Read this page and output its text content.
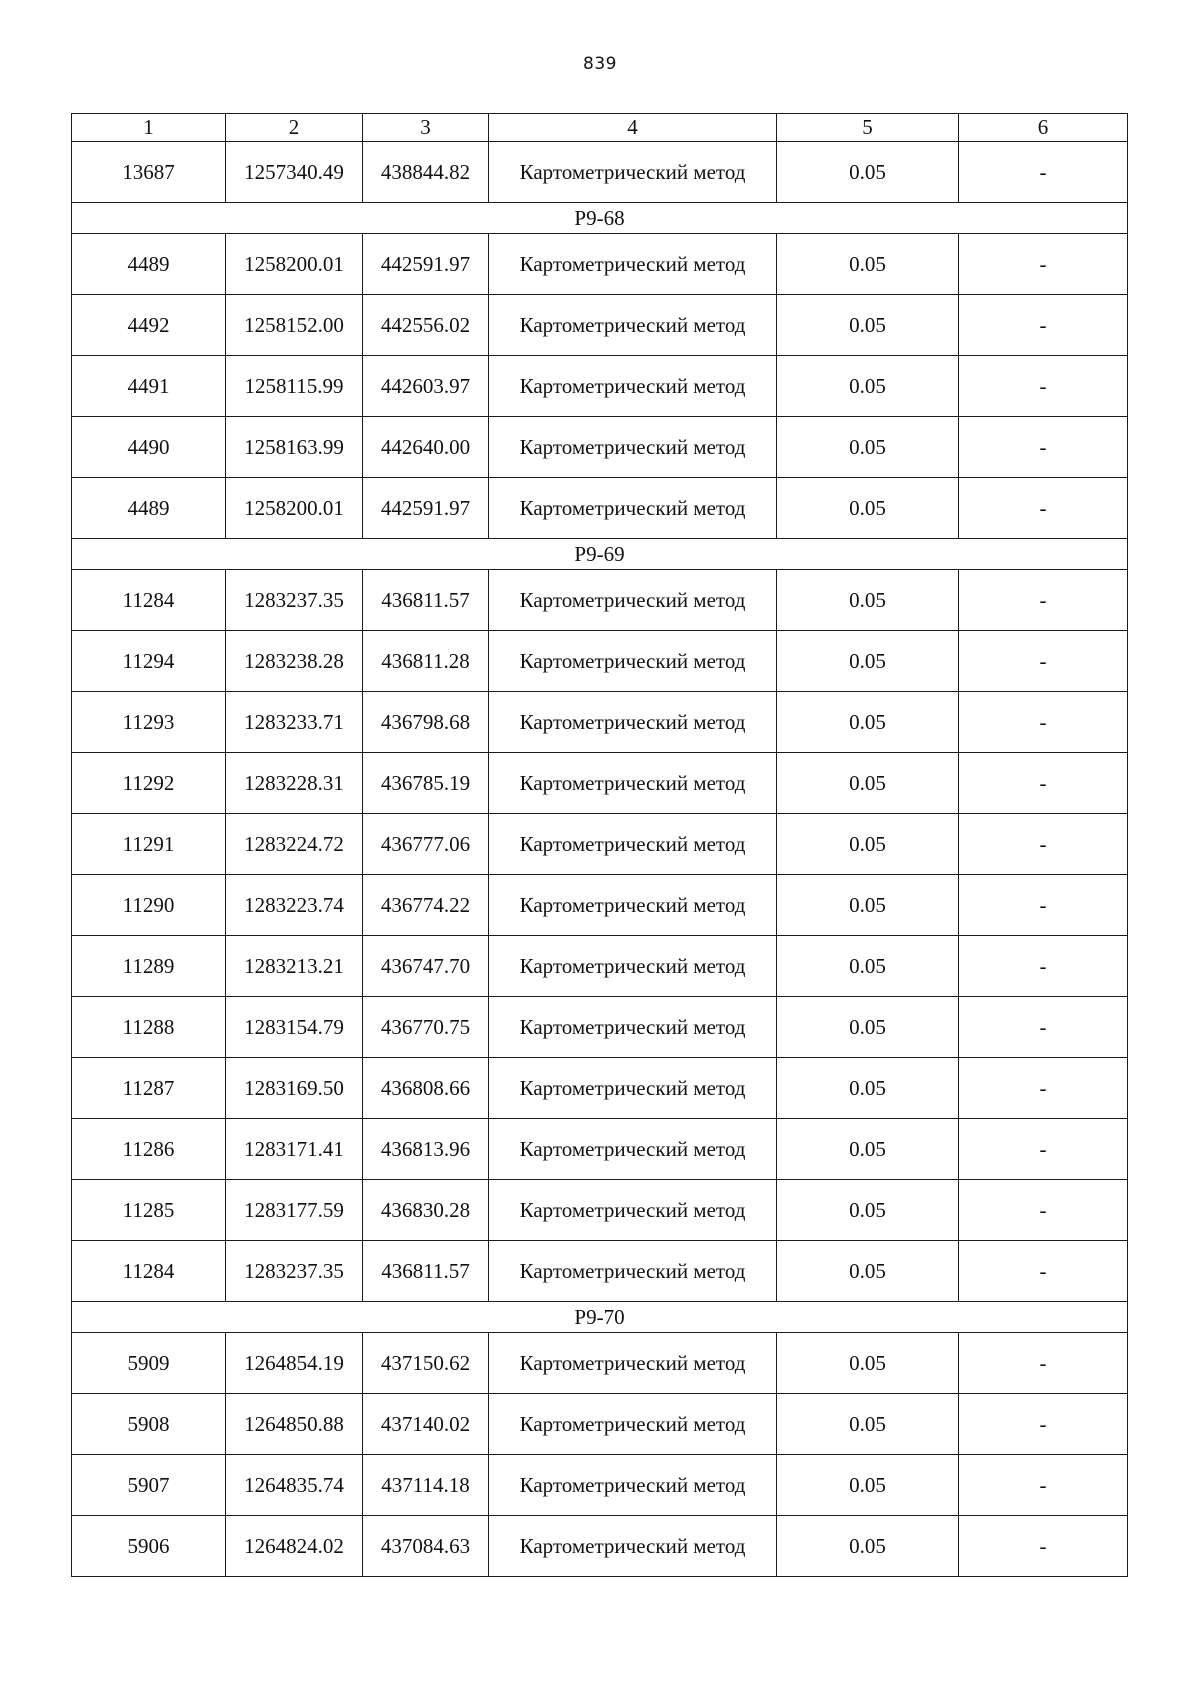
839
1	2	3	4	5	6
13687	1257340.49	438844.82	Картометрический метод	0.05	-
Р9-68					
4489	1258200.01	442591.97	Картометрический метод	0.05	-
4492	1258152.00	442556.02	Картометрический метод	0.05	-
4491	1258115.99	442603.97	Картометрический метод	0.05	-
4490	1258163.99	442640.00	Картометрический метод	0.05	-
4489	1258200.01	442591.97	Картометрический метод	0.05	-
Р9-69					
11284	1283237.35	436811.57	Картометрический метод	0.05	-
11294	1283238.28	436811.28	Картометрический метод	0.05	-
11293	1283233.71	436798.68	Картометрический метод	0.05	-
11292	1283228.31	436785.19	Картометрический метод	0.05	-
11291	1283224.72	436777.06	Картометрический метод	0.05	-
11290	1283223.74	436774.22	Картометрический метод	0.05	-
11289	1283213.21	436747.70	Картометрический метод	0.05	-
11288	1283154.79	436770.75	Картометрический метод	0.05	-
11287	1283169.50	436808.66	Картометрический метод	0.05	-
11286	1283171.41	436813.96	Картометрический метод	0.05	-
11285	1283177.59	436830.28	Картометрический метод	0.05	-
11284	1283237.35	436811.57	Картометрический метод	0.05	-
Р9-70					
5909	1264854.19	437150.62	Картометрический метод	0.05	-
5908	1264850.88	437140.02	Картометрический метод	0.05	-
5907	1264835.74	437114.18	Картометрический метод	0.05	-
5906	1264824.02	437084.63	Картометрический метод	0.05	-
